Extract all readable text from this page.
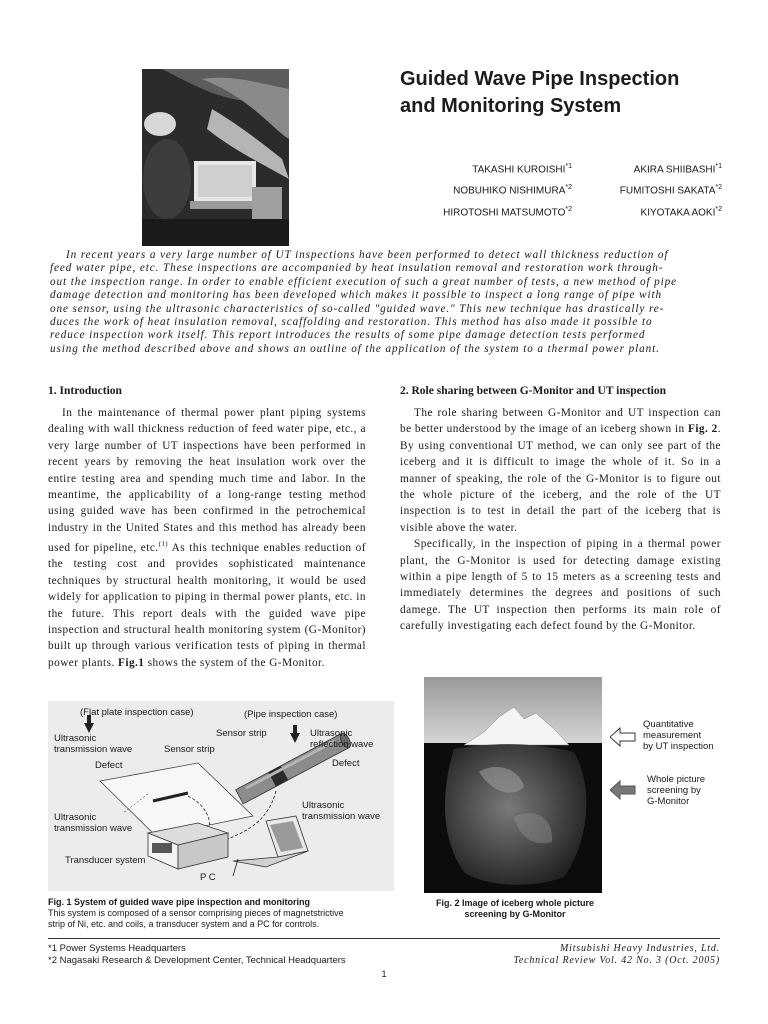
Guided Wave Pipe Inspection
and Monitoring System
TAKASHI KUROISHI$^{*1}$
NOBUHIKO NISHIMURA$^{*2}$
HIROTOSHI MATSUMOTO$^{*2}$
AKIRA SHIIBASHI$^{*1}$
FUMITOSHI SAKATA$^{*2}$
KIYOTAKA AOKI$^{*2}$
In recent years a very large number of UT inspections have been performed to detect wall thickness reduction of
feed water pipe, etc. These inspections are accompanied by heat insulation removal and restoration work through-
out the inspection range. In order to enable efficient execution of such a great number of tests, a new method of pipe
damage detection and monitoring has been developed which makes it possible to inspect a long range of pipe with
one sensor, using the ultrasonic characteristics of so-called "guided wave." This new technique has drastically re-
duces the work of heat insulation removal, scaffolding and restoration. This method has also made it possible to
reduce inspection work itself. This report introduces the results of some pipe damage detection tests performed
using the method described above and shows an outline of the application of the system to a thermal power plant.
1. Introduction

In the maintenance of thermal power plant piping systems dealing with wall thickness reduction of feed water pipe, etc., a very large number of UT inspections have been performed in recent years by removing the heat insulation work over the entire testing area and spending much time and labor. In the meantime, the applicability of a long-range testing method using guided wave has been confirmed in the petrochemical industry in the United States and this method has already been used for pipeline, etc.$^{(1)}$ As this technique enables reduction of the testing cost and provides sophisticated maintenance techniques by structural health monitoring, it would be used widely for application to piping in thermal power plants, etc. in the future. This report deals with the guided wave pipe inspection and structural health monitoring system (G-Monitor) built up through various verification tests of piping in thermal power plants. Fig.1 shows the system of the G-Monitor.

2. Role sharing between G-Monitor and UT inspection

The role sharing between G-Monitor and UT inspection can be better understood by the image of an iceberg shown in Fig. 2. By using conventional UT method, we can only see part of the iceberg and it is difficult to image the whole of it. So in a manner of speaking, the role of the G-Monitor is to figure out the whole picture of the iceberg, and the role of the UT inspection is to test in detail the part of the iceberg that is visible above the water.

Specifically, in the inspection of piping in a thermal power plant, the G-Monitor is used for detecting damage existing within a pipe length of 5 to 15 meters as a screening tests and immediately determines the degrees and positions of such damege. The UT inspection then performs its main role of carefully investigating each defect found by the G-Monitor.

(Flat plate inspection case)	(Pipe inspection case)
Ultrasonic
transmission wave	Sensor strip
Sensor strip	Ultrasonic
reflection wave
Defect	Defect
Ultrasonic
transmission wave
Ultrasonic
transmission wave
Transducer system
P C
Fig. 1 System of guided wave pipe inspection and monitoring
This system is composed of a sensor comprising pieces of magnetstrictive
strip of Ni, etc. and coils, a transducer system and a PC for controls.
Quantitative
measurement
by UT inspection
Whole picture
screening by
G-Monitor
Fig. 2 Image of iceberg whole picture
screening by G-Monitor
*1 Power Systems Headquarters
*2 Nagasaki Research & Development Center, Technical Headquarters
Mitsubishi Heavy Industries, Ltd.
Technical Review Vol. 42 No. 3 (Oct. 2005)
1
